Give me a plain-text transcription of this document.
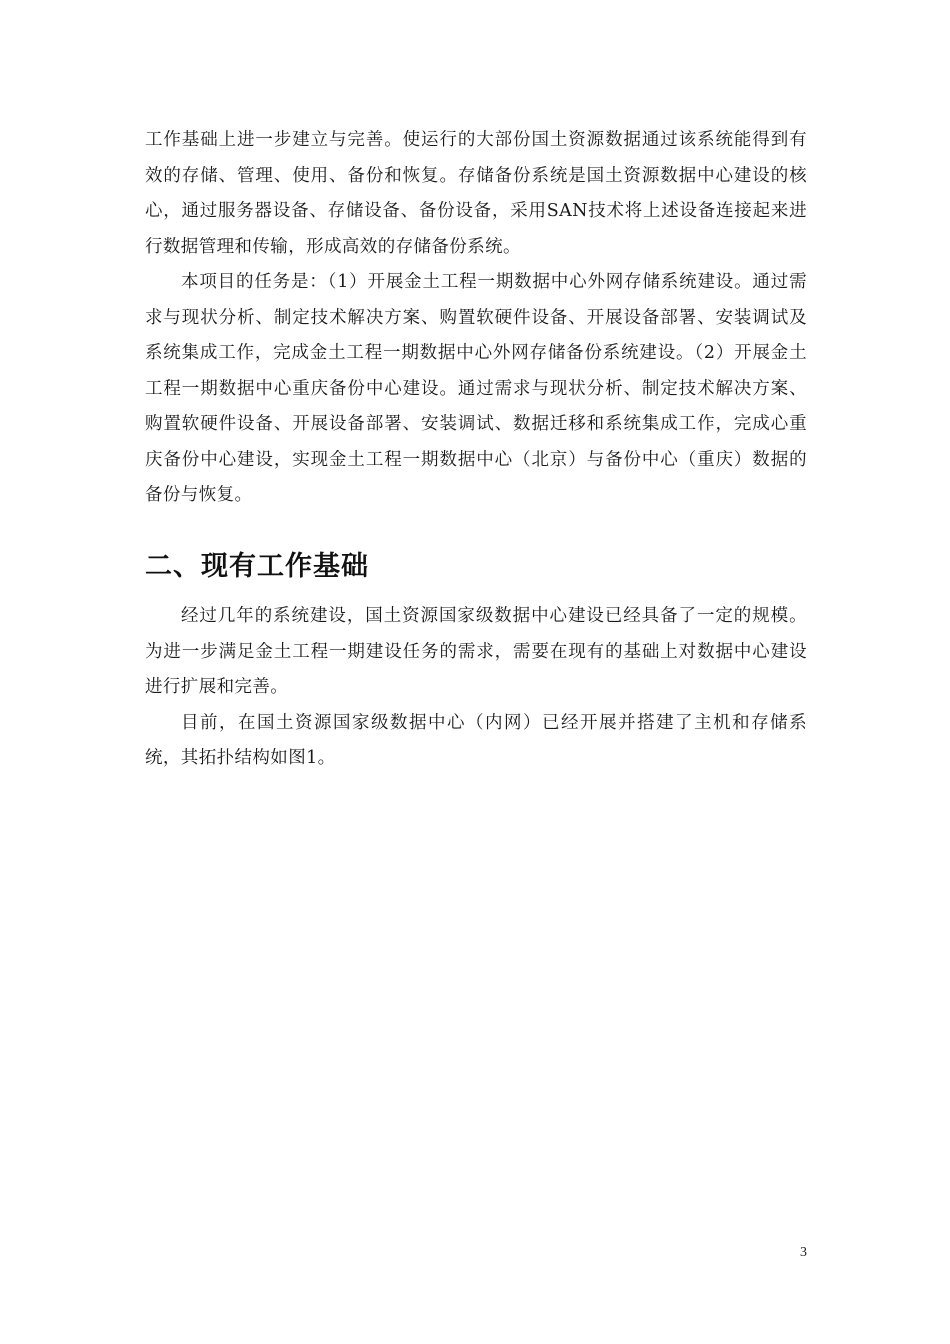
工作基础上进一步建立与完善。使运行的大部份国土资源数据通过该系统能得到有效的存储、管理、使用、备份和恢复。存储备份系统是国土资源数据中心建设的核心，通过服务器设备、存储设备、备份设备，采用SAN技术将上述设备连接起来进行数据管理和传输，形成高效的存储备份系统。

本项目的任务是：（1）开展金土工程一期数据中心外网存储系统建设。通过需求与现状分析、制定技术解决方案、购置软硬件设备、开展设备部署、安装调试及系统集成工作，完成金土工程一期数据中心外网存储备份系统建设。（2）开展金土工程一期数据中心重庆备份中心建设。通过需求与现状分析、制定技术解决方案、购置软硬件设备、开展设备部署、安装调试、数据迁移和系统集成工作，完成心重庆备份中心建设，实现金土工程一期数据中心（北京）与备份中心（重庆）数据的备份与恢复。

二、现有工作基础

经过几年的系统建设，国土资源国家级数据中心建设已经具备了一定的规模。为进一步满足金土工程一期建设任务的需求，需要在现有的基础上对数据中心建设进行扩展和完善。

目前，在国土资源国家级数据中心（内网）已经开展并搭建了主机和存储系统，其拓扑结构如图1。

3
